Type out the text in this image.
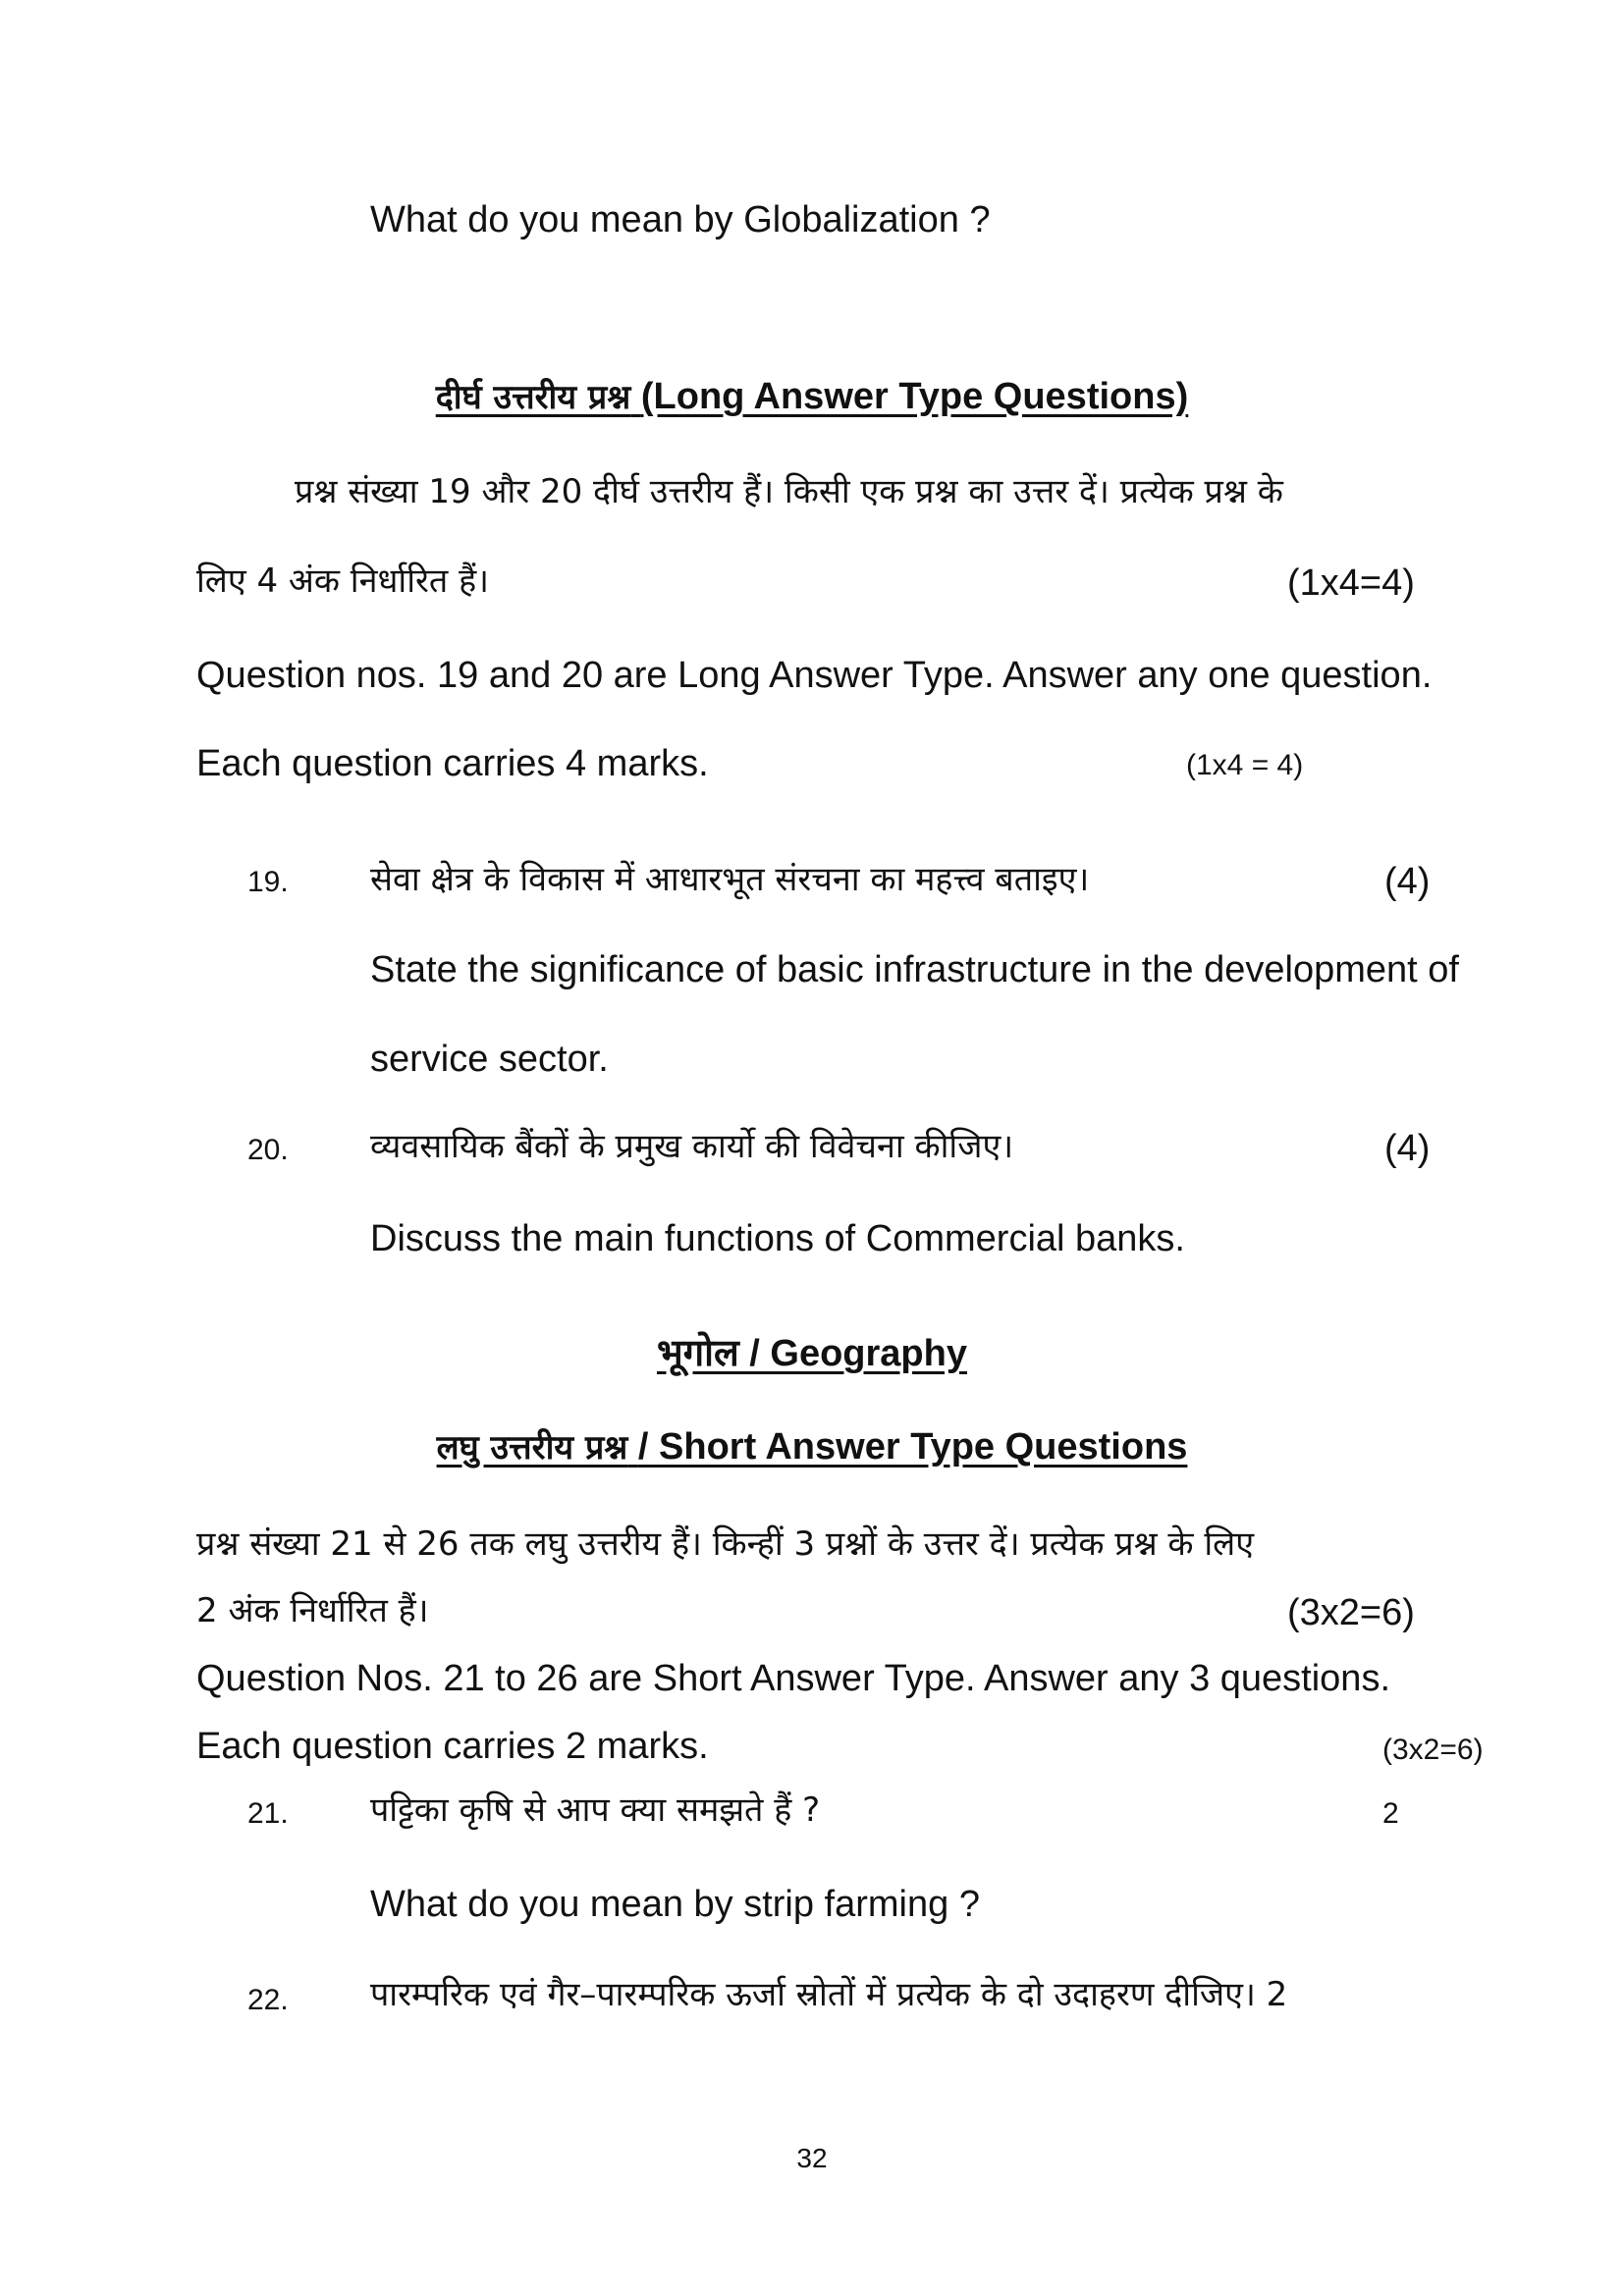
What do you mean by Globalization ?
दीर्घ उत्तरीय प्रश्न (Long Answer Type Questions)
प्रश्न संख्या 19 और 20 दीर्घ उत्तरीय हैं। किसी एक प्रश्न का उत्तर दें। प्रत्येक प्रश्न के
लिए 4 अंक निर्धारित हैं।	(1x4=4)
Question nos. 19 and 20 are Long Answer Type. Answer any one question.
Each question carries 4 marks.	(1x4 = 4)
19. सेवा क्षेत्र के विकास में आधारभूत संरचना का महत्त्व बताइए।	(4)
State the significance of basic infrastructure in the development of
service sector.
20. व्यवसायिक बैंकों के प्रमुख कार्यो की विवेचना कीजिए।	(4)
Discuss the main functions of Commercial banks.
भूगोल / Geography
लघु उत्तरीय प्रश्न / Short Answer Type Questions
प्रश्न संख्या 21 से 26 तक लघु उत्तरीय हैं। किन्हीं 3 प्रश्नों के उत्तर दें। प्रत्येक प्रश्न के लिए
2 अंक निर्धारित हैं।	(3x2=6)
Question Nos. 21 to 26 are Short Answer Type. Answer any 3 questions.
Each question carries 2 marks.	(3x2=6)
21. पट्टिका कृषि से आप क्या समझते हैं ?	2
What do you mean by strip farming ?
22. पारम्परिक एवं गैर–पारम्परिक ऊर्जा स्रोतों में प्रत्येक के दो उदाहरण दीजिए। 2
32
